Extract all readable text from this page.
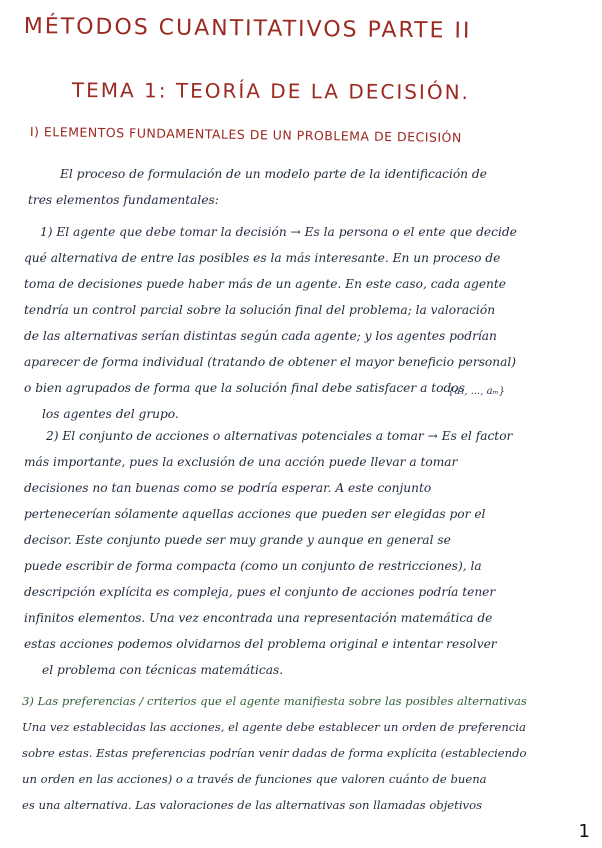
MÉTODOS CUANTITATIVOS PARTE II
TEMA 1: TEORÍA DE LA DECISIÓN.
I) ELEMENTOS FUNDAMENTALES DE UN PROBLEMA DE DECISIÓN
El proceso de formulación de un modelo parte de la identificación de
tres elementos fundamentales:
1) El agente que debe tomar la decisión → Es la persona o el ente que decide
qué alternativa de entre las posibles es la más interesante. En un proceso de
toma de decisiones puede haber más de un agente. En este caso, cada agente
tendría un control parcial sobre la solución final del problema; la valoración
de las alternativas serían distintas según cada agente; y los agentes podrían
aparecer de forma individual (tratando de obtener el mayor beneficio personal)
o bien agrupados de forma que la solución final debe satisfacer a todos
los agentes del grupo.
{a₁, ..., aₘ}
2) El conjunto de acciones o alternativas potenciales a tomar → Es el factor
más importante, pues la exclusión de una acción puede llevar a tomar
decisiones no tan buenas como se podría esperar. A este conjunto
pertenecerían sólamente aquellas acciones que pueden ser elegidas por el
decisor. Este conjunto puede ser muy grande y aunque en general se
puede escribir de forma compacta (como un conjunto de restricciones), la
descripción explícita es compleja, pues el conjunto de acciones podría tener
infinitos elementos. Una vez encontrada una representación matemática de
estas acciones podemos olvidarnos del problema original e intentar resolver
el problema con técnicas matemáticas.
3) Las preferencias / criterios que el agente manifiesta sobre las posibles alternativas
Una vez establecidas las acciones, el agente debe establecer un orden de preferencia
sobre estas. Estas preferencias podrían venir dadas de forma explícita (estableciendo
un orden en las acciones) o a través de funciones que valoren cuánto de buena
es una alternativa. Las valoraciones de las alternativas son llamadas objetivos
1
